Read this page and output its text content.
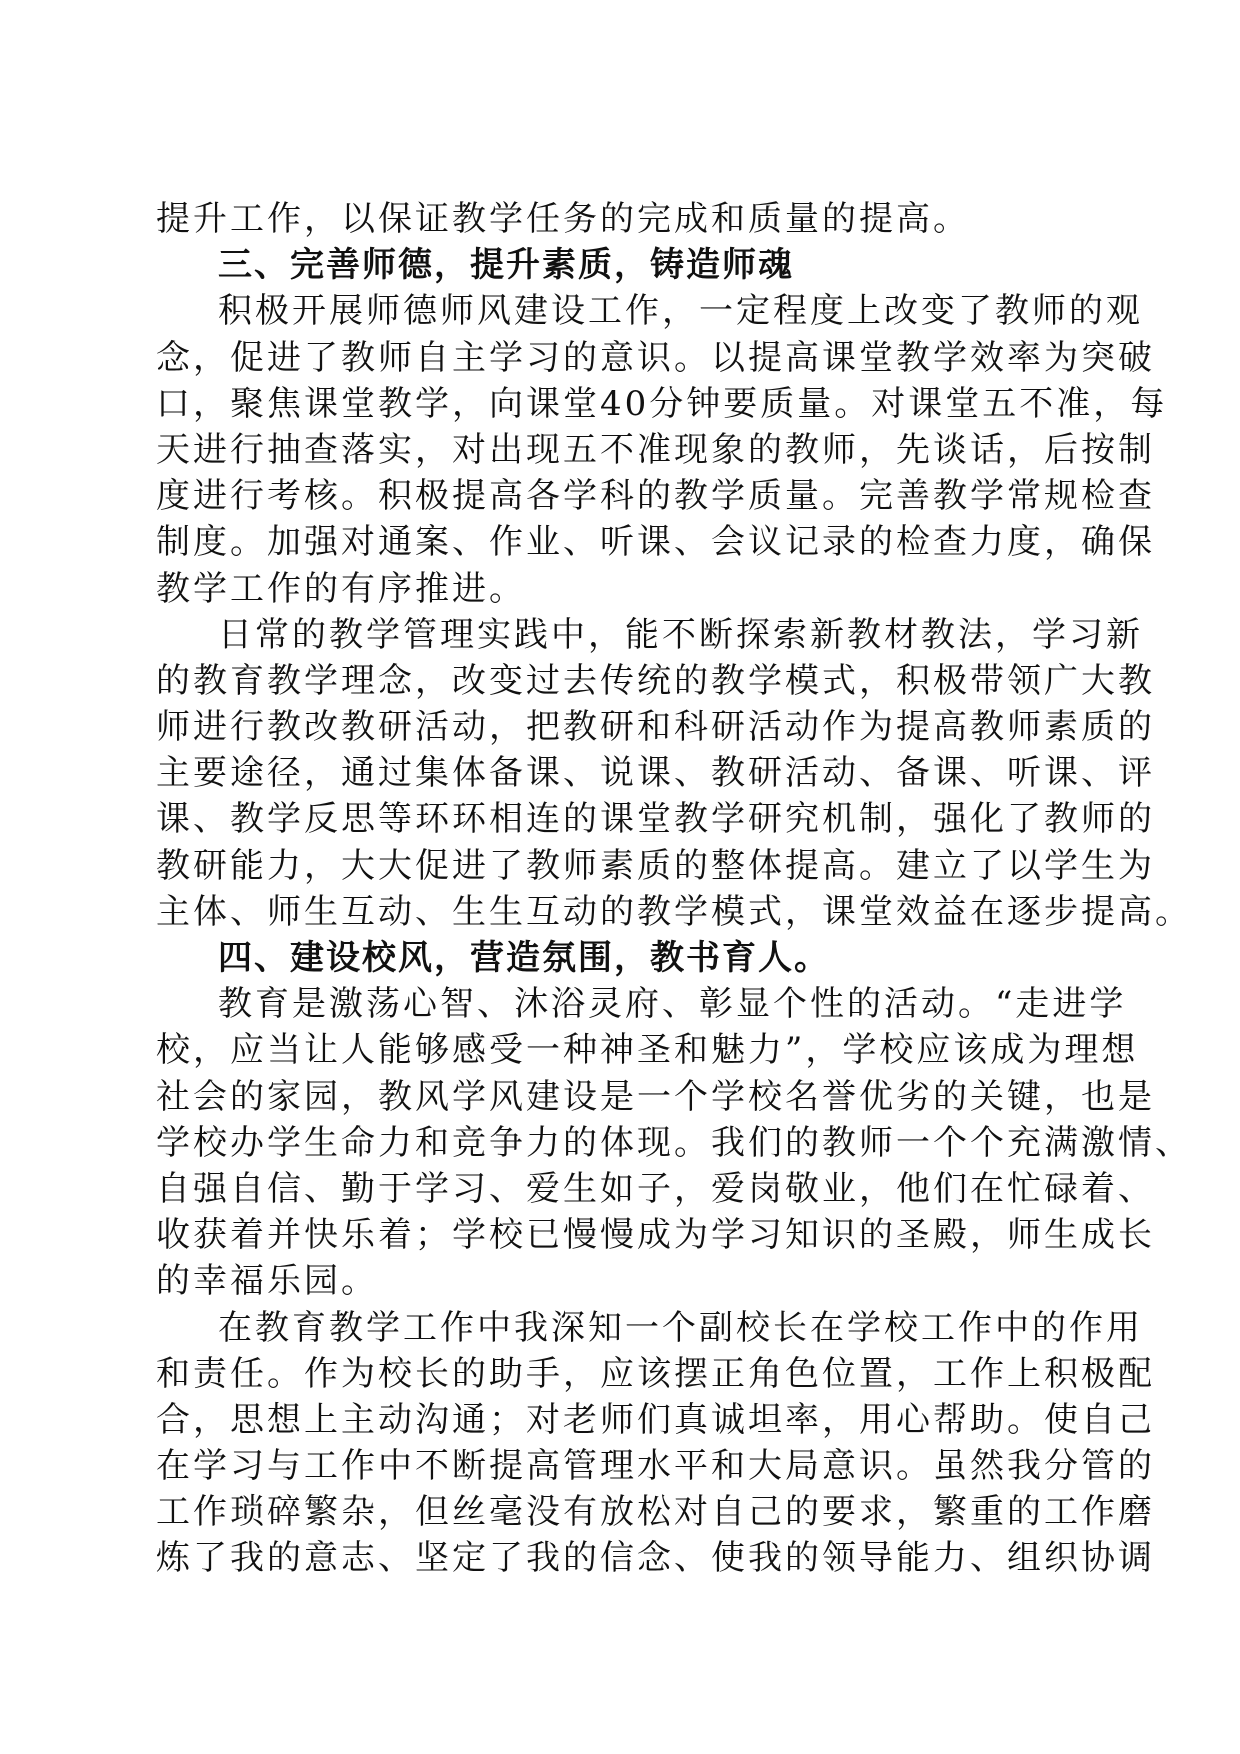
提升工作，以保证教学任务的完成和质量的提高。
三、完善师德，提升素质，铸造师魂
积极开展师德师风建设工作，一定程度上改变了教师的观
念，促进了教师自主学习的意识。以提高课堂教学效率为突破
口，聚焦课堂教学，向课堂40分钟要质量。对课堂五不准，每
天进行抽查落实，对出现五不准现象的教师，先谈话，后按制
度进行考核。积极提高各学科的教学质量。完善教学常规检查
制度。加强对通案、作业、听课、会议记录的检查力度，确保
教学工作的有序推进。
日常的教学管理实践中，能不断探索新教材教法，学习新
的教育教学理念，改变过去传统的教学模式，积极带领广大教
师进行教改教研活动，把教研和科研活动作为提高教师素质的
主要途径，通过集体备课、说课、教研活动、备课、听课、评
课、教学反思等环环相连的课堂教学研究机制，强化了教师的
教研能力，大大促进了教师素质的整体提高。建立了以学生为
主体、师生互动、生生互动的教学模式，课堂效益在逐步提高。
四、建设校风，营造氛围，教书育人。
教育是激荡心智、沐浴灵府、彰显个性的活动。“走进学
校，应当让人能够感受一种神圣和魅力”，学校应该成为理想
社会的家园，教风学风建设是一个学校名誉优劣的关键，也是
学校办学生命力和竞争力的体现。我们的教师一个个充满激情、
自强自信、勤于学习、爱生如子，爱岗敬业，他们在忙碌着、
收获着并快乐着；学校已慢慢成为学习知识的圣殿，师生成长
的幸福乐园。
在教育教学工作中我深知一个副校长在学校工作中的作用
和责任。作为校长的助手，应该摆正角色位置，工作上积极配
合，思想上主动沟通；对老师们真诚坦率，用心帮助。使自己
在学习与工作中不断提高管理水平和大局意识。虽然我分管的
工作琐碎繁杂，但丝毫没有放松对自己的要求，繁重的工作磨
炼了我的意志、坚定了我的信念、使我的领导能力、组织协调
